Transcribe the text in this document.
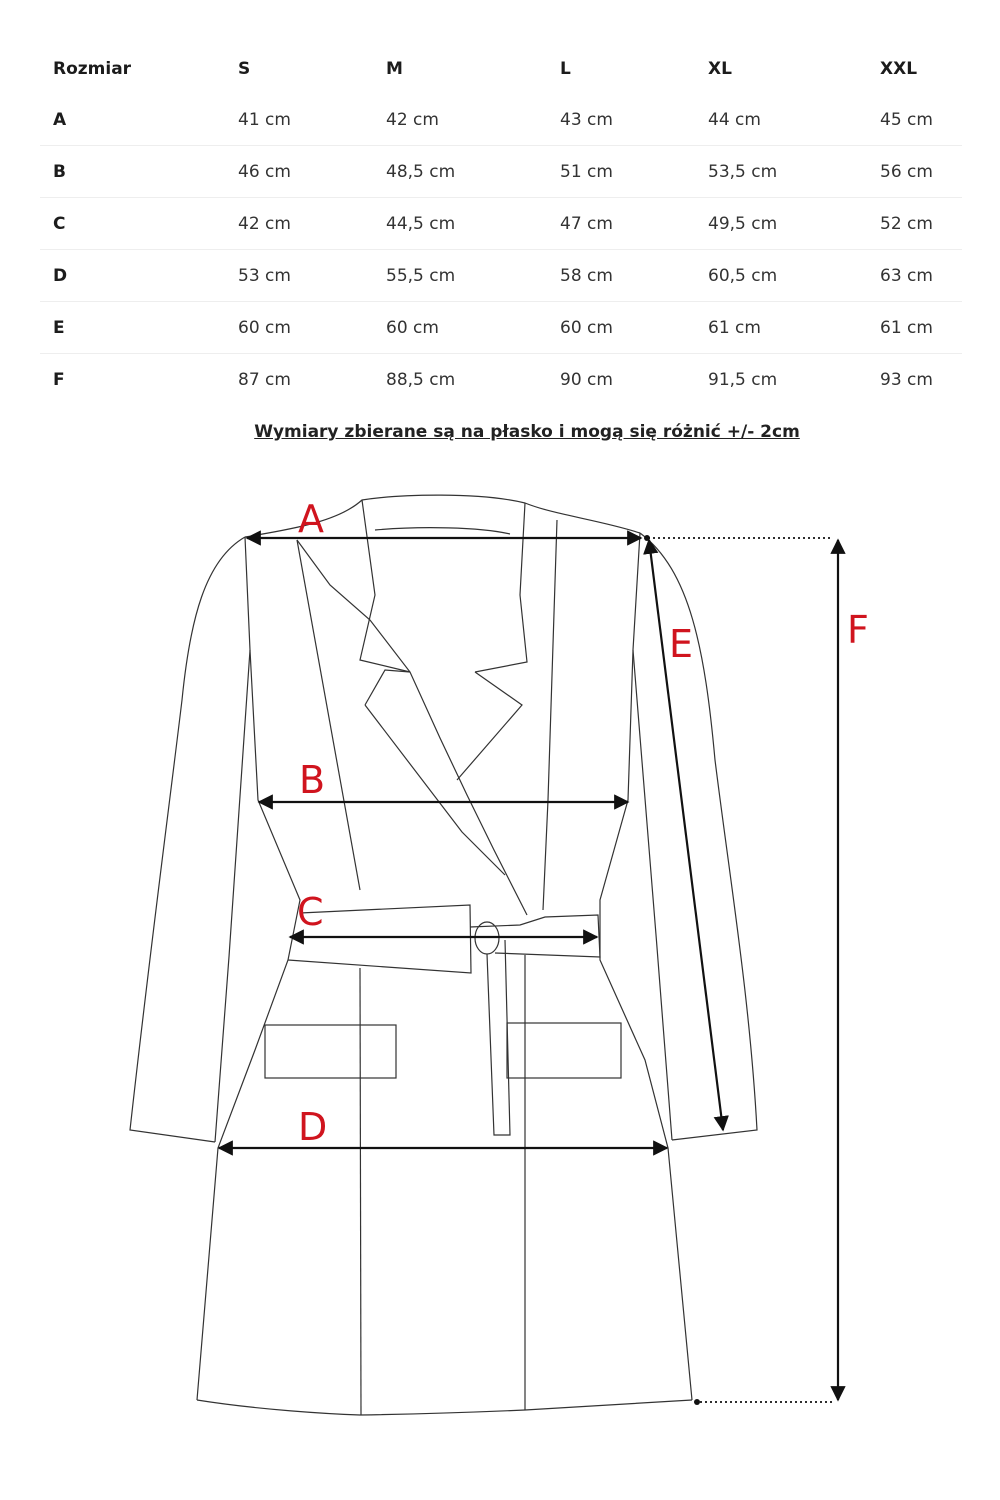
Rozmiar	S	M	L	XL	XXL
A	41 cm	42 cm	43 cm	44 cm	45 cm
B	46 cm	48,5 cm	51 cm	53,5 cm	56 cm
C	42 cm	44,5 cm	47 cm	49,5 cm	52 cm
D	53 cm	55,5 cm	58 cm	60,5 cm	63 cm
E	60 cm	60 cm	60 cm	61 cm	61 cm
F	87 cm	88,5 cm	90 cm	91,5 cm	93 cm
Wymiary zbierane są na płasko i mogą się różnić +/- 2cm
A
B
C
D
E	F
